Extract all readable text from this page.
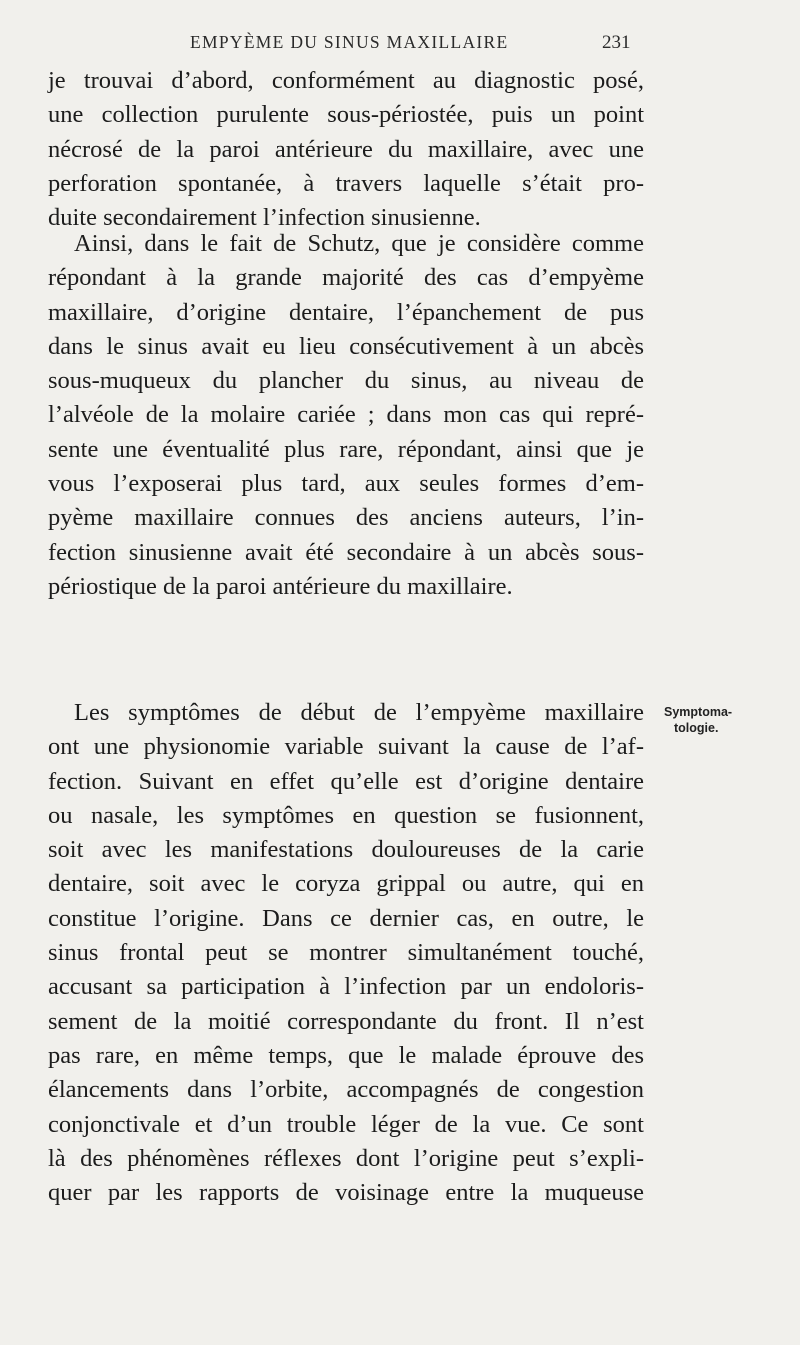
EMPYÈME DU SINUS MAXILLAIRE	231
je trouvai d’abord, conformément au diagnostic posé,
une collection purulente sous-périostée, puis un point
nécrosé de la paroi antérieure du maxillaire, avec une
perforation spontanée, à travers laquelle s’était pro-
duite secondairement l’infection sinusienne.
Ainsi, dans le fait de Schutz, que je considère comme
répondant à la grande majorité des cas d’empyème
maxillaire, d’origine dentaire, l’épanchement de pus
dans le sinus avait eu lieu consécutivement à un abcès
sous-muqueux du plancher du sinus, au niveau de
l’alvéole de la molaire cariée ; dans mon cas qui repré-
sente une éventualité plus rare, répondant, ainsi que je
vous l’exposerai plus tard, aux seules formes d’em-
pyème maxillaire connues des anciens auteurs, l’in-
fection sinusienne avait été secondaire à un abcès sous-
périostique de la paroi antérieure du maxillaire.
Les symptômes de début de l’empyème maxillaire
ont une physionomie variable suivant la cause de l’af-
fection. Suivant en effet qu’elle est d’origine dentaire
ou nasale, les symptômes en question se fusionnent,
soit avec les manifestations douloureuses de la carie
dentaire, soit avec le coryza grippal ou autre, qui en
constitue l’origine. Dans ce dernier cas, en outre, le
sinus frontal peut se montrer simultanément touché,
accusant sa participation à l’infection par un endoloris-
sement de la moitié correspondante du front. Il n’est
pas rare, en même temps, que le malade éprouve des
élancements dans l’orbite, accompagnés de congestion
conjonctivale et d’un trouble léger de la vue. Ce sont
là des phénomènes réflexes dont l’origine peut s’expli-
quer par les rapports de voisinage entre la muqueuse
Symptoma-
tologie.
